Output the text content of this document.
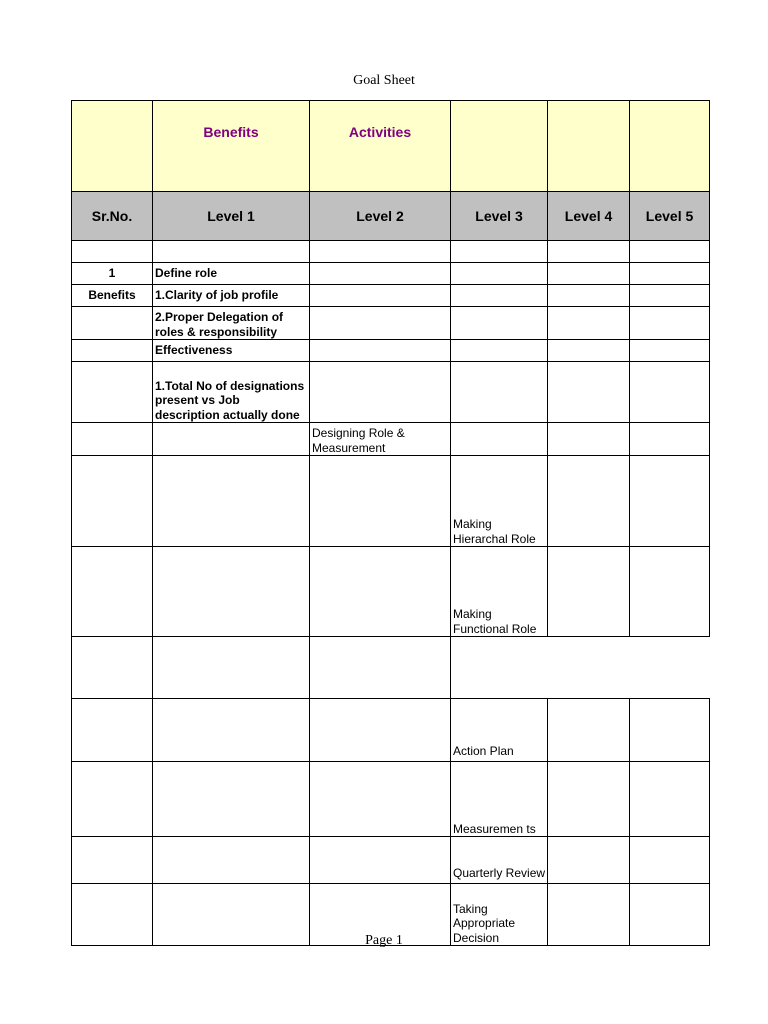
Goal Sheet
	Benefits	Activities			
Sr.No.	Level 1	Level 2	Level 3	Level 4	Level 5

1	Define role				
Benefits	1.Clarity of job profile				
	2.Proper Delegation of roles & responsibility				
	Effectiveness				
	1.Total No of designations present vs Job description actually done				
		Designing Role & Measurement			
			Making Hierarchal Role		
			Making Functional Role		

			Action Plan		
			Measuremen ts		
			Quarterly Review		
			Taking Appropriate Decision		
Page 1
